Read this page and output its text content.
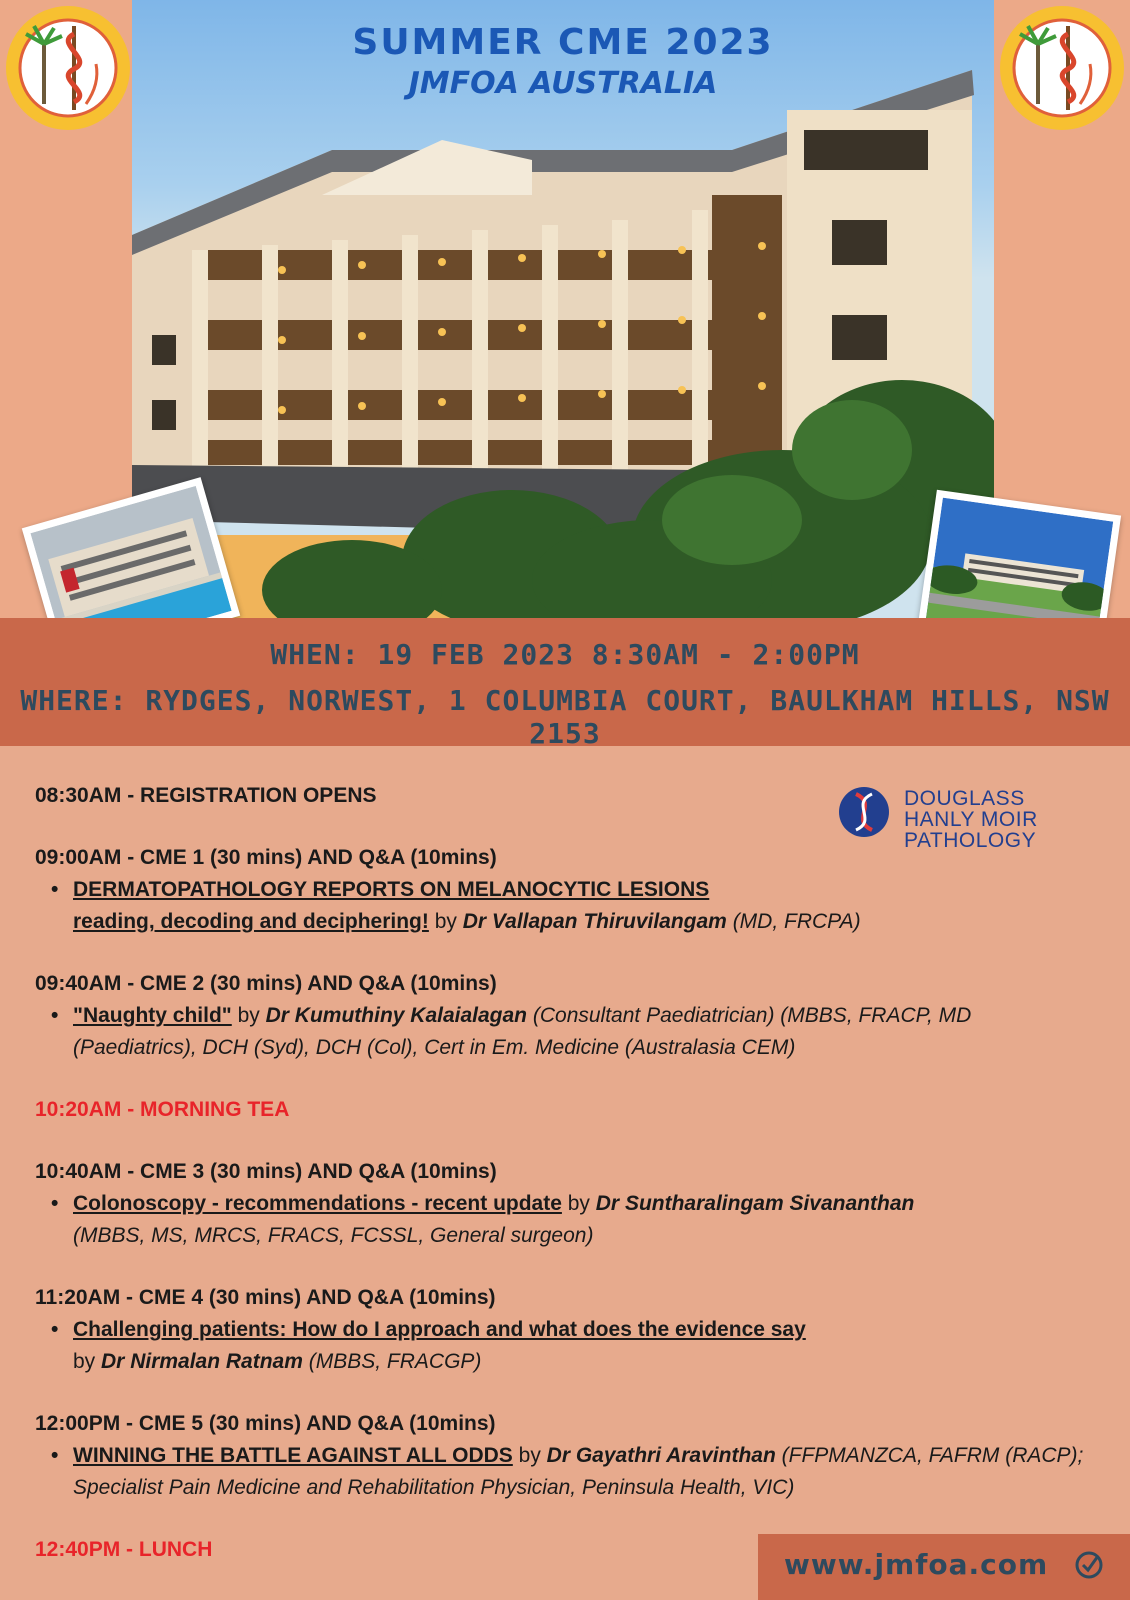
SUMMER CME 2023
JMFOA AUSTRALIA
WHEN: 19 FEB 2023 8:30AM - 2:00PM
WHERE: RYDGES, NORWEST, 1 COLUMBIA COURT, BAULKHAM HILLS, NSW 2153
DOUGLASS
HANLY MOIR
PATHOLOGY
08:30AM - REGISTRATION OPENS
09:00AM - CME 1 (30 mins) AND Q&A (10mins)
• DERMATOPATHOLOGY REPORTS ON MELANOCYTIC LESIONS
reading, decoding and deciphering! by Dr Vallapan Thiruvilangam (MD, FRCPA)
09:40AM - CME 2 (30 mins) AND Q&A (10mins)
• "Naughty child" by Dr Kumuthiny Kalaialagan (Consultant Paediatrician) (MBBS, FRACP, MD (Paediatrics), DCH (Syd), DCH (Col), Cert in Em. Medicine (Australasia CEM)
10:20AM - MORNING TEA
10:40AM - CME 3 (30 mins) AND Q&A (10mins)
• Colonoscopy - recommendations - recent update by Dr Suntharalingam Sivananthan
(MBBS, MS, MRCS, FRACS, FCSSL, General surgeon)
11:20AM - CME 4 (30 mins) AND Q&A (10mins)
• Challenging patients: How do I approach and what does the evidence say
by Dr Nirmalan Ratnam (MBBS, FRACGP)
12:00PM - CME 5 (30 mins) AND Q&A (10mins)
• WINNING THE BATTLE AGAINST ALL ODDS by Dr Gayathri Aravinthan (FFPMANZCA, FAFRM (RACP); Specialist Pain Medicine and Rehabilitation Physician, Peninsula Health, VIC)
12:40PM - LUNCH	www.jmfoa.com
